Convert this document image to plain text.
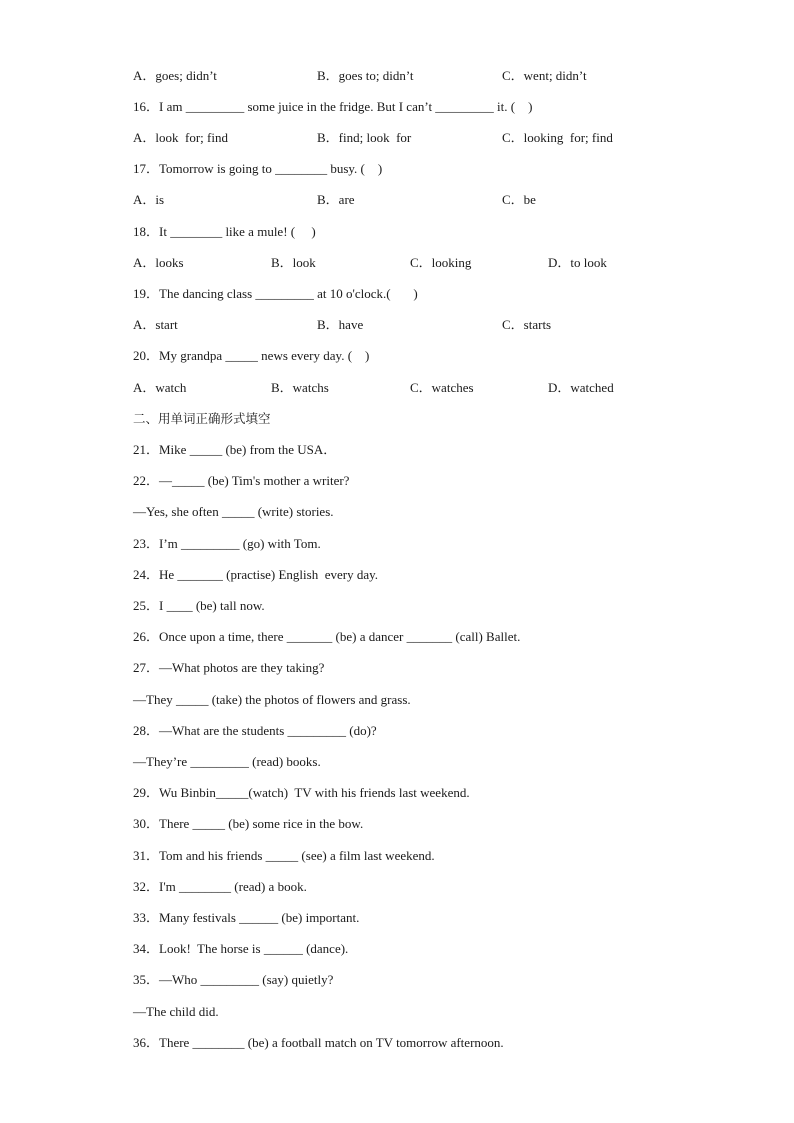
A．goes; didn’t

	B．goes to; didn’t

	C．went; didn’t

16．I am _________ some juice in the fridge. But I can’t _________ it. (    )

A．look  for; find

	B．find; look  for

	C．looking  for; find

17．Tomorrow is going to ________ busy. (    )

A．is

	B．are

	C．be

18．It ________ like a mule! (     )

A．looks

	B．look

	C．looking

	D．to look

19．The dancing class _________ at 10 o'clock.(       )

A．start

	B．have

	C．starts

20．My grandpa _____ news every day. (    )

A．watch

	B．watchs

	C．watches

	D．watched

二、用单词正确形式填空
21．Mike _____ (be) from the USA．
22．—_____ (be) Tim's mother a writer?
—Yes, she often _____ (write) stories.
23．I’m _________ (go) with Tom.
24．He _______ (practise) English  every day.
25．I ____ (be) tall now.
26．Once upon a time, there _______ (be) a dancer _______ (call) Ballet.
27．—What photos are they taking?
—They _____ (take) the photos of flowers and grass.
28．—What are the students _________ (do)?
—They’re _________ (read) books.
29．Wu Binbin_____(watch)  TV with his friends last weekend.
30．There _____ (be) some rice in the bow.
31．Tom and his friends _____ (see) a film last weekend.
32．I'm ________ (read) a book.
33．Many festivals ______ (be) important.
34．Look!  The horse is ______ (dance).
35．—Who _________ (say) quietly?
—The child did.
36．There ________ (be) a football match on TV tomorrow afternoon.
